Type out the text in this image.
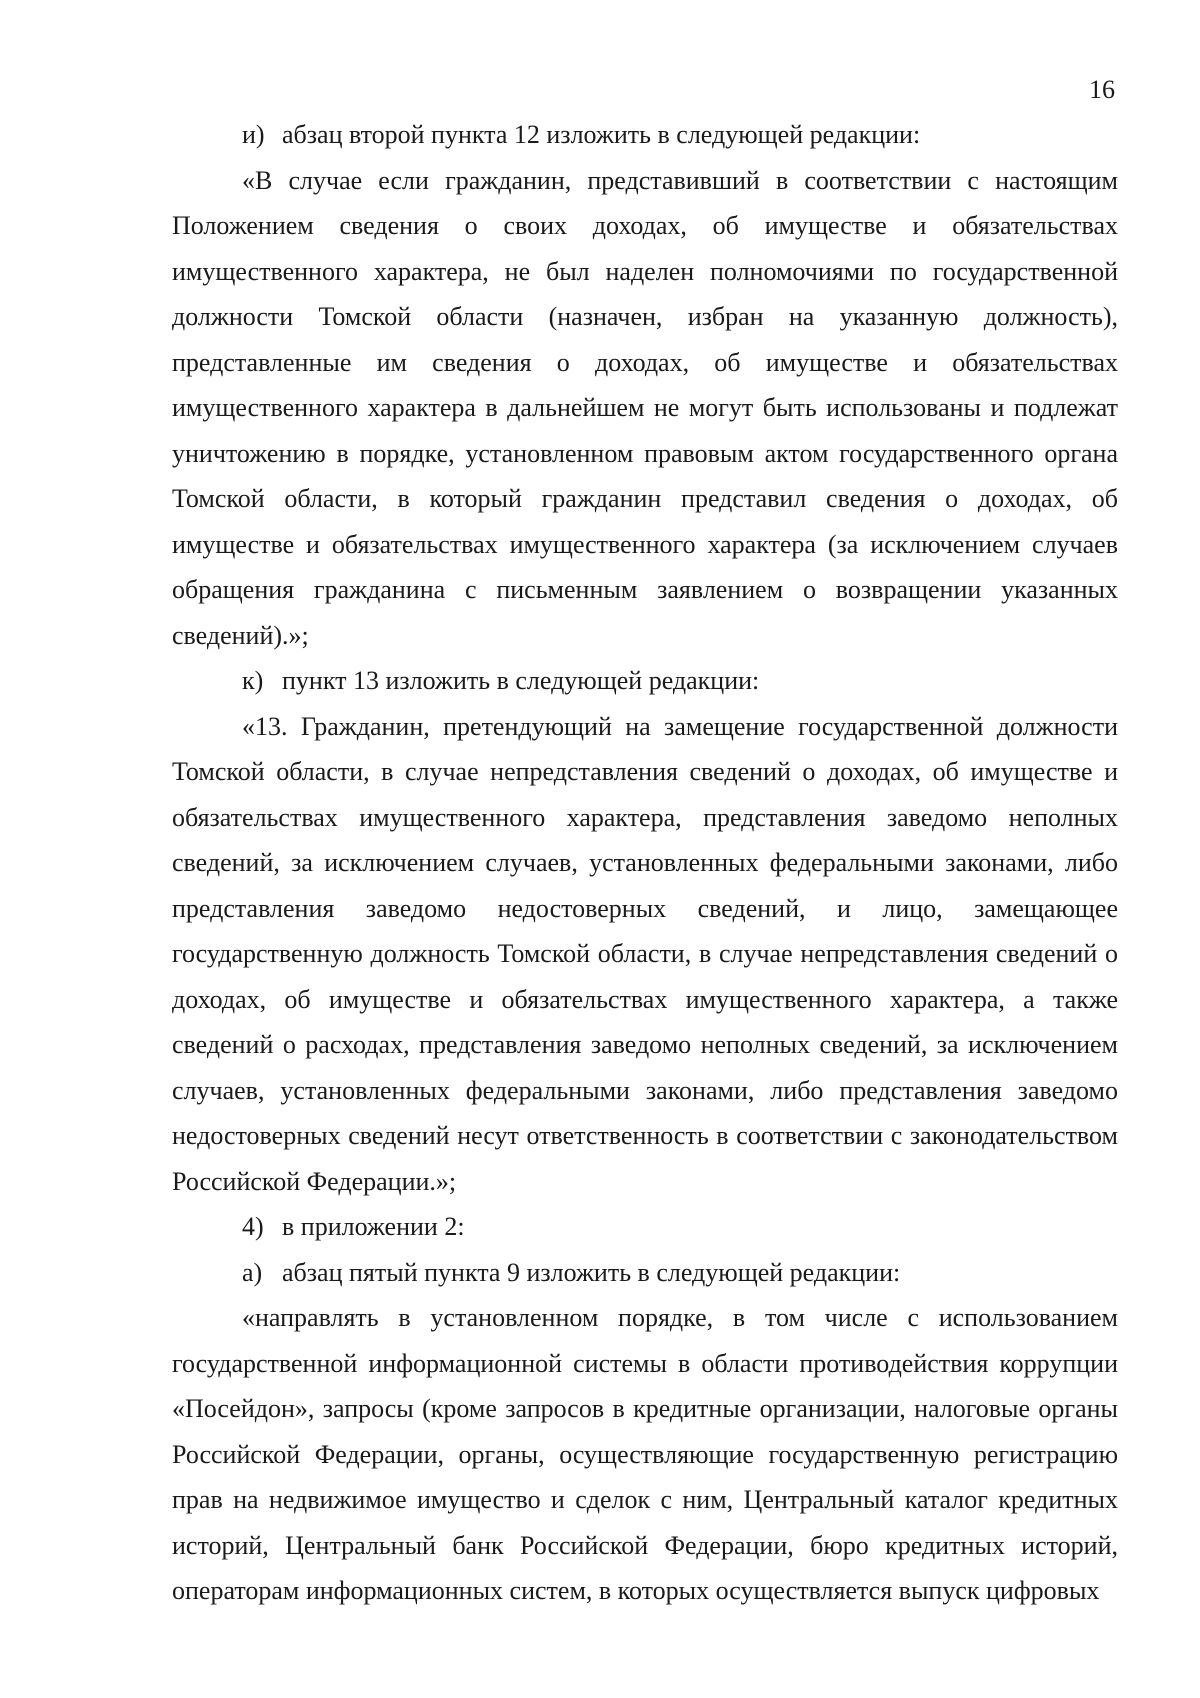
16

и) абзац второй пункта 12 изложить в следующей редакции:

«В случае если гражданин, представивший в соответствии с настоящим Положением сведения о своих доходах, об имуществе и обязательствах имущественного характера, не был наделен полномочиями по государственной должности Томской области (назначен, избран на указанную должность), представленные им сведения о доходах, об имуществе и обязательствах имущественного характера в дальнейшем не могут быть использованы и подлежат уничтожению в порядке, установленном правовым актом государственного органа Томской области, в который гражданин представил сведения о доходах, об имуществе и обязательствах имущественного характера (за исключением случаев обращения гражданина с письменным заявлением о возвращении указанных сведений).»;

к) пункт 13 изложить в следующей редакции:

«13. Гражданин, претендующий на замещение государственной должности Томской области, в случае непредставления сведений о доходах, об имуществе и обязательствах имущественного характера, представления заведомо неполных сведений, за исключением случаев, установленных федеральными законами, либо представления заведомо недостоверных сведений, и лицо, замещающее государственную должность Томской области, в случае непредставления сведений о доходах, об имуществе и обязательствах имущественного характера, а также сведений о расходах, представления заведомо неполных сведений, за исключением случаев, установленных федеральными законами, либо представления заведомо недостоверных сведений несут ответственность в соответствии с законодательством Российской Федерации.»;

4) в приложении 2:

а) абзац пятый пункта 9 изложить в следующей редакции:

«направлять в установленном порядке, в том числе с использованием государственной информационной системы в области противодействия коррупции «Посейдон», запросы (кроме запросов в кредитные организации, налоговые органы Российской Федерации, органы, осуществляющие государственную регистрацию прав на недвижимое имущество и сделок с ним, Центральный каталог кредитных историй, Центральный банк Российской Федерации, бюро кредитных историй, операторам информационных систем, в которых осуществляется выпуск цифровых
